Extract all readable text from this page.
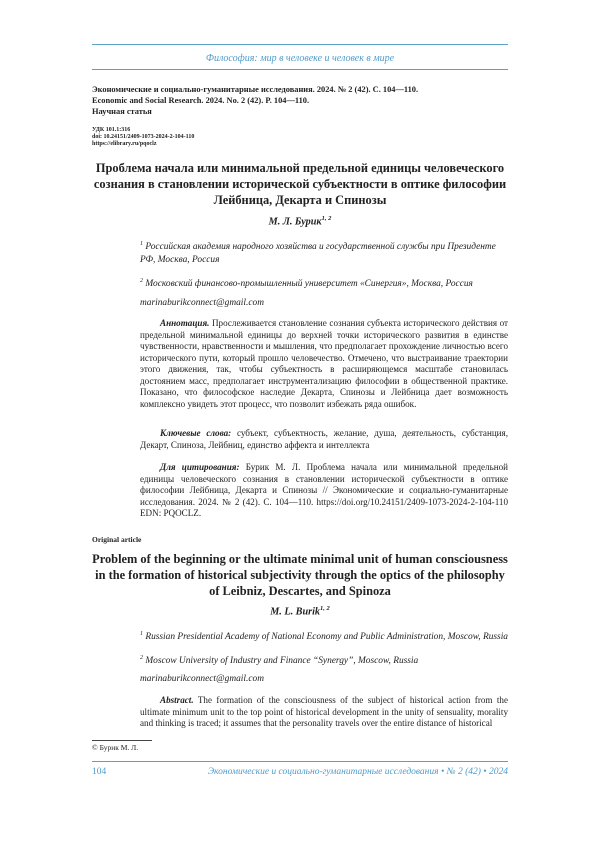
Философия: мир в человеке и человек в мире
Экономические и социально-гуманитарные исследования. 2024. № 2 (42). С. 104—110.
Economic and Social Research. 2024. No. 2 (42). P. 104—110.
Научная статья
УДК 101.1:316
doi: 10.24151/2409-1073-2024-2-104-110
https://elibrary.ru/pqoclz
Проблема начала или минимальной предельной единицы человеческого сознания в становлении исторической субъектности в оптике философии Лейбница, Декарта и Спинозы
М. Л. Бурик$^{1, 2}$
$^1$ Российская академия народного хозяйства и государственной службы при Президенте РФ, Москва, Россия
$^2$ Московский финансово-промышленный университет «Синергия», Москва, Россия
marinaburikconnect@gmail.com
Аннотация. Прослеживается становление сознания субъекта исторического действия от предельной минимальной единицы до верхней точки исторического развития в единстве чувственности, нравственности и мышления, что предполагает прохождение личностью всего исторического пути, который прошло человечество. Отмечено, что выстраивание траектории этого движения, так, чтобы субъектность в расширяющемся масштабе становилась достоянием масс, предполагает инструментализацию философии в общественной практике. Показано, что философское наследие Декарта, Спинозы и Лейбница дает возможность комплексно увидеть этот процесс, что позволит избежать ряда ошибок.
Ключевые слова: субъект, субъектность, желание, душа, деятельность, субстанция, Декарт, Спиноза, Лейбниц, единство аффекта и интеллекта
Для цитирования: Бурик М. Л. Проблема начала или минимальной предельной единицы человеческого сознания в становлении исторической субъектности в оптике философии Лейбница, Декарта и Спинозы // Экономические и социально-гуманитарные исследования. 2024. № 2 (42). С. 104—110. https://doi.org/10.24151/2409-1073-2024-2-104-110 EDN: PQOCLZ.
Original article
Problem of the beginning or the ultimate minimal unit of human consciousness in the formation of historical subjectivity through the optics of the philosophy of Leibniz, Descartes, and Spinoza
M. L. Burik$^{1, 2}$
$^1$ Russian Presidential Academy of National Economy and Public Administration, Moscow, Russia
$^2$ Moscow University of Industry and Finance “Synergy”, Moscow, Russia
marinaburikconnect@gmail.com
Abstract. The formation of the consciousness of the subject of historical action from the ultimate minimum unit to the top point of historical development in the unity of sensuality, morality and thinking is traced; it assumes that the personality travels over the entire distance of historical
© Бурик М. Л.
104	Экономические и социально-гуманитарные исследования • № 2 (42) • 2024
